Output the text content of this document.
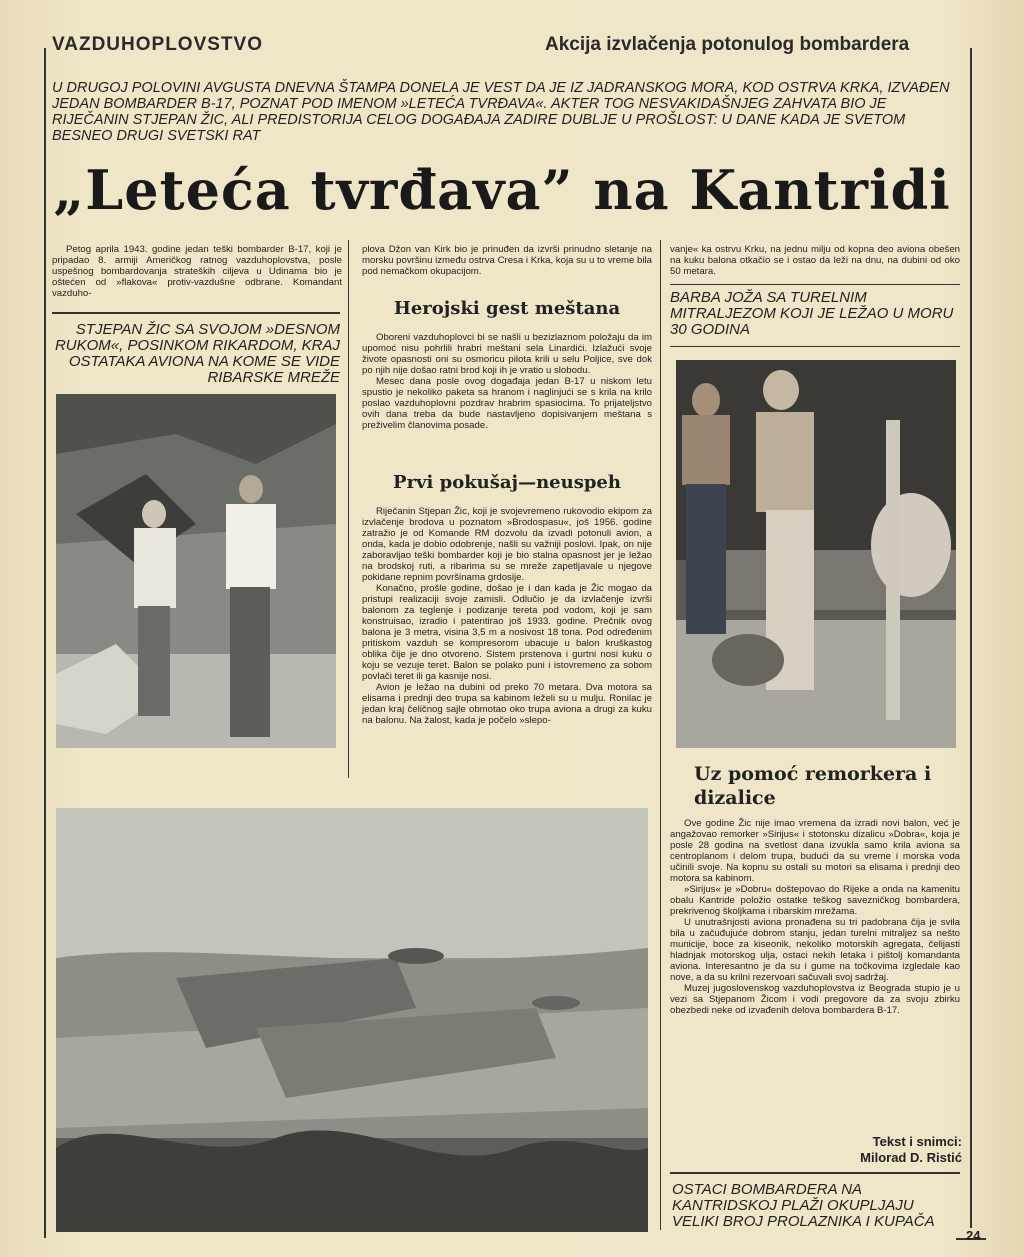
VAZDUHOPLOVSTVO	Akcija izvlačenja potonulog bombardera
U DRUGOJ POLOVINI AVGUSTA DNEVNA ŠTAMPA DONELA JE VEST DA JE IZ JADRANSKOG MORA, KOD OSTRVA KRKA, IZVAĐEN JEDAN BOMBARDER B-17, POZNAT POD IMENOM »LETEĆA TVRĐAVA«. AKTER TOG NESVAKIDAŠNJEG ZAHVATA BIO JE RIJEČANIN STJEPAN ŽIC, ALI PREDISTORIJA CELOG DOGAĐAJA ZADIRE DUBLJE U PROŠLOST: U DANE KADA JE SVETOM BESNEO DRUGI SVETSKI RAT
„Leteća tvrđava” na Kantridi

Petog aprila 1943. godine jedan teški bombarder B-17, koji je pripadao 8. armiji Američkog ratnog vazduhoplovstva, posle uspešnog bombardovanja strateških ciljeva u Udinama bio je oštećen od »flakova« protiv-vazdušne odbrane. Komandant vazduho-

STJEPAN ŽIC SA SVOJOM »DESNOM RUKOM«, POSINKOM RIKARDOM, KRAJ OSTATAKA AVIONA NA KOME SE VIDE RIBARSKE MREŽE

plova Džon van Kirk bio je prinuđen da izvrši prinudno sletanje na morsku površinu između ostrva Cresa i Krka, koja su u to vreme bila pod nemačkom okupacijom.

Herojski gest meštana

Oboreni vazduhoplovci bi se našli u bezizlaznom položaju da im upomoć nisu pohrlili hrabri meštani sela Linardići. Izlažući svoje živote opasnosti oni su osmoricu pilota krili u selu Poljice, sve dok po njih nije došao ratni brod koji ih je vratio u slobodu.

Mesec dana posle ovog događaja jedan B-17 u niskom letu spustio je nekoliko paketa sa hranom i naglinjući se s krila na krilo poslao vazduhoplovni pozdrav hrabrim spasiocima. To prijateljstvo ovih dana treba da bude nastavljeno dopisivanjem meštana s preživelim članovima posade.

Prvi pokušaj—neuspeh

Riječanin Stjepan Žic, koji je svojevremeno rukovodio ekipom za izvlačenje brodova u poznatom »Brodospasu«, još 1956. godine zatražio je od Komande RM dozvolu da izvadi potonuli avion, a onda, kada je dobio odobrenje, našli su važniji poslovi. Ipak, on nije zaboravljao teški bombarder koji je bio stalna opasnost jer je ležao na brodskoj ruti, a ribarima su se mreže zapetljavale u njegove pokidane repnim površinama grdosije.

Konačno, prošle godine, došao je i dan kada je Žic mogao da pristupi realizaciji svoje zamisli. Odlučio je da izvlačenje izvrši balonom za teglenje i podizanje tereta pod vodom, koji je sam konstruisao, izradio i patentirao još 1933. godine. Prečnik ovog balona je 3 metra, visina 3,5 m a nosivost 18 tona. Pod određenim pritiskom vazduh se kompresorom ubacuje u balon kruškastog oblika čije je dno otvoreno. Sistem prstenova i gurtni nosi kuku o koju se vezuje teret. Balon se polako puni i istovremeno za sobom povlači teret ili ga kasnije nosi.

Avion je ležao na dubini od preko 70 metara. Dva motora sa elisama i prednji deo trupa sa kabinom leželi su u mulju. Ronilac je jedan kraj čeličnog sajle obmotao oko trupa aviona a drugi za kuku na balonu. Na žalost, kada je počelo »slepo-

vanje« ka ostrvu Krku, na jednu milju od kopna deo aviona obešen na kuku balona otkačio se i ostao da leži na dnu, na dubini od oko 50 metara.

BARBA JOŽA SA TURELNIM MITRALJEZOM KOJI JE LEŽAO U MORU 30 GODINA
Uz pomoć remorkera i dizalice

Ove godine Žic nije imao vremena da izradi novi balon, već je angažovao remorker »Sirijus« i stotonsku dizalicu »Dobra«, koja je posle 28 godina na svetlost dana izvukla samo krila aviona sa centroplanom i delom trupa, budući da su vreme i morska voda učinili svoje. Na kopnu su ostali su motori sa elisama i prednji deo motora sa kabinom.

»Sirijus« je »Dobru« doštepovao do Rijeke a onda na kamenitu obalu Kantride položio ostatke teškog savezničkog bombardera, prekrivenog školjkama i ribarskim mrežama.

U unutrašnjosti aviona pronađena su tri padobrana čija je svila bila u začuđujuće dobrom stanju, jedan turelni mitraljez sa nešto municije, boce za kiseonik, nekoliko motorskih agregata, čelijasti hladnjak motorskog ulja, ostaci nekih letaka i pištolj komandanta aviona. Interesantno je da su i gume na točkovima izgledale kao nove, a da su krilni rezervoari sačuvali svoj sadržaj.

Muzej jugoslovenskog vazduhoplovstva iz Beograda stupio je u vezi sa Stjepanom Žicom i vodi pregovore da za svoju zbirku obezbedi neke od izvađenih delova bombardera B-17.

Tekst i snimci:
Milorad D. Ristić
OSTACI BOMBARDERA NA KANTRIDSKOJ PLAŽI OKUPLJAJU VELIKI BROJ PROLAZNIKA I KUPAČA
24
